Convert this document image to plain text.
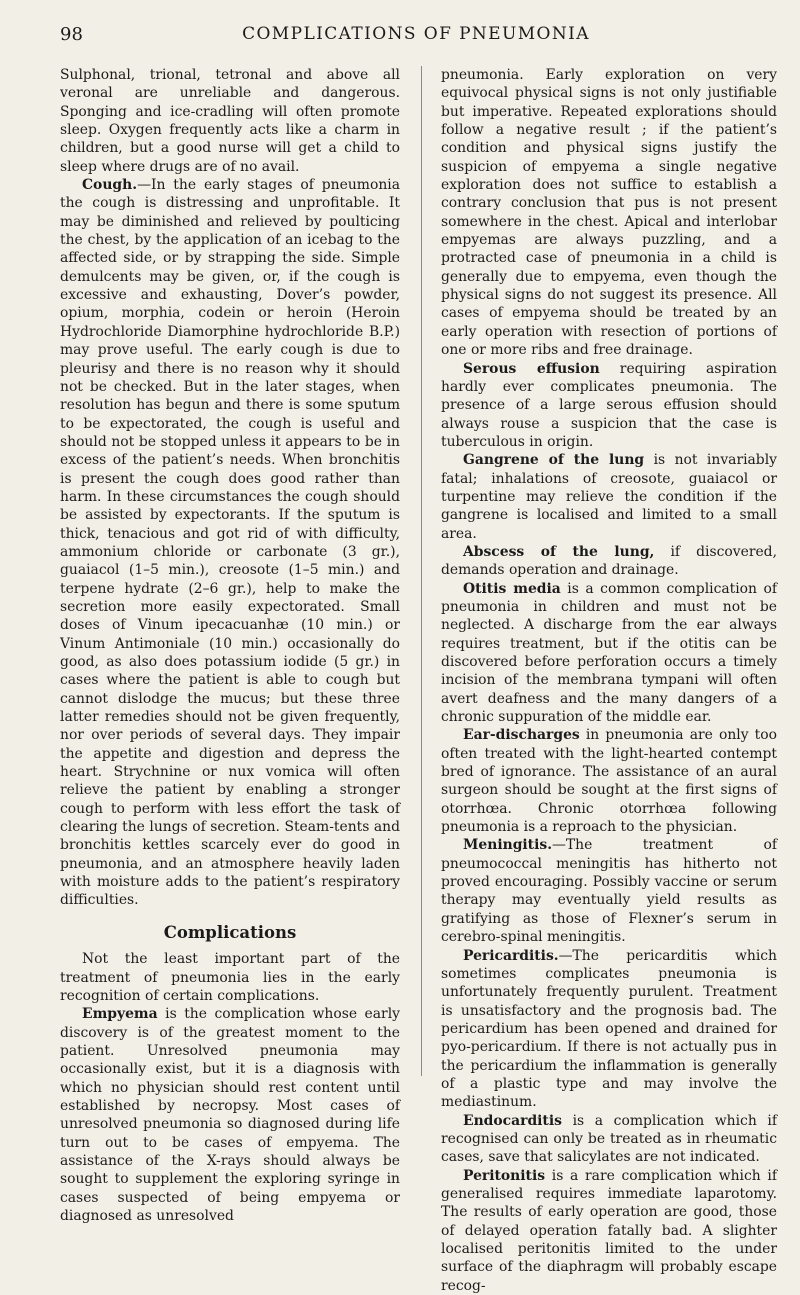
98	COMPLICATIONS OF PNEUMONIA

Sulphonal, trional, tetronal and above all veronal are unreliable and dangerous. Sponging and ice-cradling will often promote sleep. Oxygen frequently acts like a charm in children, but a good nurse will get a child to sleep where drugs are of no avail.

Cough.—In the early stages of pneumonia the cough is distressing and unprofitable. It may be diminished and relieved by poulticing the chest, by the application of an icebag to the affected side, or by strapping the side. Simple demulcents may be given, or, if the cough is excessive and exhausting, Dover’s powder, opium, morphia, codein or heroin (Heroin Hydrochloride Diamorphine hydrochloride B.P.) may prove useful. The early cough is due to pleurisy and there is no reason why it should not be checked. But in the later stages, when resolution has begun and there is some sputum to be expectorated, the cough is useful and should not be stopped unless it appears to be in excess of the patient’s needs. When bronchitis is present the cough does good rather than harm. In these circumstances the cough should be assisted by expectorants. If the sputum is thick, tenacious and got rid of with difficulty, ammonium chloride or carbonate (3 gr.), guaiacol (1–5 min.), creosote (1–5 min.) and terpene hydrate (2–6 gr.), help to make the secretion more easily expectorated. Small doses of Vinum ipecacuanhæ (10 min.) or Vinum Antimoniale (10 min.) occasionally do good, as also does potassium iodide (5 gr.) in cases where the patient is able to cough but cannot dislodge the mucus; but these three latter remedies should not be given frequently, nor over periods of several days. They impair the appetite and digestion and depress the heart. Strychnine or nux vomica will often relieve the patient by enabling a stronger cough to perform with less effort the task of clearing the lungs of secretion. Steam-tents and bronchitis kettles scarcely ever do good in pneumonia, and an atmosphere heavily laden with moisture adds to the patient’s respiratory difficulties.

Complications

Not the least important part of the treatment of pneumonia lies in the early recognition of certain complications.

Empyema is the complication whose early discovery is of the greatest moment to the patient. Unresolved pneumonia may occasionally exist, but it is a diagnosis with which no physician should rest content until established by necropsy. Most cases of unresolved pneumonia so diagnosed during life turn out to be cases of empyema. The assistance of the X-rays should always be sought to supplement the exploring syringe in cases suspected of being empyema or diagnosed as unresolved

pneumonia. Early exploration on very equivocal physical signs is not only justifiable but imperative. Repeated explorations should follow a negative result ; if the patient’s condition and physical signs justify the suspicion of empyema a single negative exploration does not suffice to establish a contrary conclusion that pus is not present somewhere in the chest. Apical and interlobar empyemas are always puzzling, and a protracted case of pneumonia in a child is generally due to empyema, even though the physical signs do not suggest its presence. All cases of empyema should be treated by an early operation with resection of portions of one or more ribs and free drainage.

Serous effusion requiring aspiration hardly ever complicates pneumonia. The presence of a large serous effusion should always rouse a suspicion that the case is tuberculous in origin.

Gangrene of the lung is not invariably fatal; inhalations of creosote, guaiacol or turpentine may relieve the condition if the gangrene is localised and limited to a small area.

Abscess of the lung, if discovered, demands operation and drainage.

Otitis media is a common complication of pneumonia in children and must not be neglected. A discharge from the ear always requires treatment, but if the otitis can be discovered before perforation occurs a timely incision of the membrana tympani will often avert deafness and the many dangers of a chronic suppuration of the middle ear.

Ear-discharges in pneumonia are only too often treated with the light-hearted contempt bred of ignorance. The assistance of an aural surgeon should be sought at the first signs of otorrhœa. Chronic otorrhœa following pneumonia is a reproach to the physician.

Meningitis.—The treatment of pneumococcal meningitis has hitherto not proved encouraging. Possibly vaccine or serum therapy may eventually yield results as gratifying as those of Flexner’s serum in cerebro-spinal meningitis.

Pericarditis.—The pericarditis which sometimes complicates pneumonia is unfortunately frequently purulent. Treatment is unsatisfactory and the prognosis bad. The pericardium has been opened and drained for pyo-pericardium. If there is not actually pus in the pericardium the inflammation is generally of a plastic type and may involve the mediastinum.

Endocarditis is a complication which if recognised can only be treated as in rheumatic cases, save that salicylates are not indicated.

Peritonitis is a rare complication which if generalised requires immediate laparotomy. The results of early operation are good, those of delayed operation fatally bad. A slighter localised peritonitis limited to the under surface of the diaphragm will probably escape recog-
